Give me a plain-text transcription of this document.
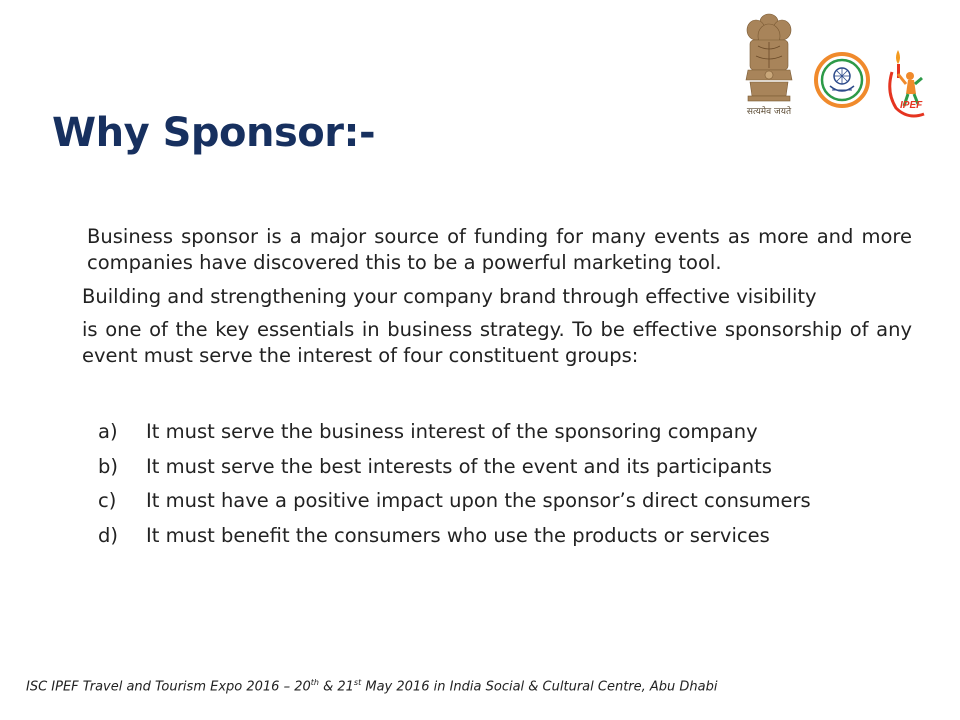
सत्यमेव जयते
IPEF
Why Sponsor:-

Business sponsor is a major source of funding for many events as more and more companies have discovered this to be a powerful marketing tool.

Building and strengthening your company brand through effective visibility

is one of the key essentials in business strategy. To be effective sponsorship of any event must serve the interest of four constituent groups:

a)	It must serve the business interest of the sponsoring company
b)	It must serve the best interests of the event and its participants
c)	It must have a positive impact upon the sponsor’s direct consumers
d)	It must benefit the consumers who use the products or services
ISC IPEF Travel and Tourism Expo 2016 – 20th & 21st May 2016 in India Social & Cultural Centre, Abu Dhabi
